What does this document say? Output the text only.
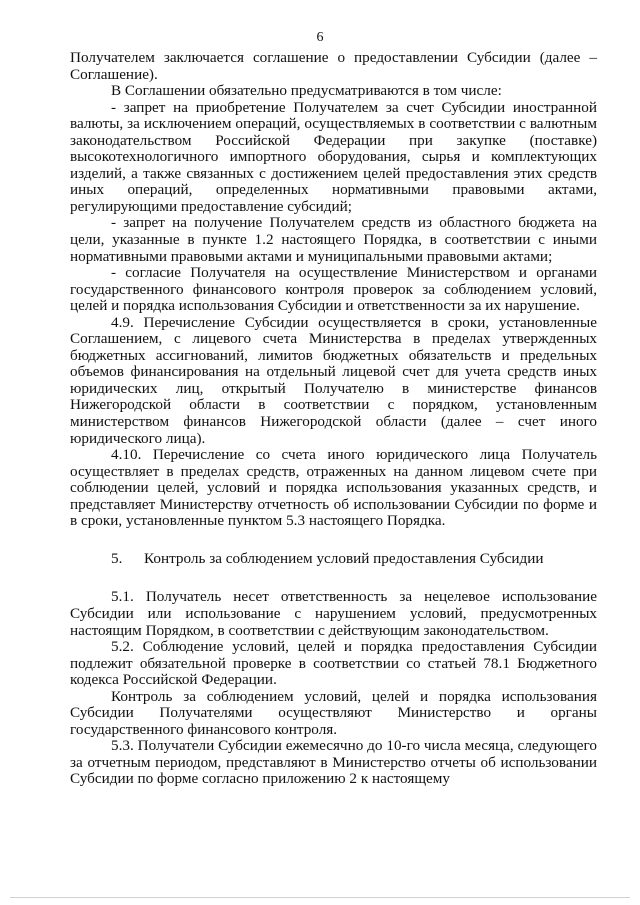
6

Получателем заключается соглашение о предоставлении Субсидии (далее – Соглашение).

В Соглашении обязательно предусматриваются в том числе:

- запрет на приобретение Получателем за счет Субсидии иностранной валюты, за исключением операций, осуществляемых в соответствии с валютным законодательством Российской Федерации при закупке (поставке) высокотехнологичного импортного оборудования, сырья и комплектующих изделий, а также связанных с достижением целей предоставления этих средств иных операций, определенных нормативными правовыми актами, регулирующими предоставление субсидий;

- запрет на получение Получателем средств из областного бюджета на цели, указанные в пункте 1.2 настоящего Порядка, в соответствии с иными нормативными правовыми актами и муниципальными правовыми актами;

- согласие Получателя на осуществление Министерством и органами государственного финансового контроля проверок за соблюдением условий, целей и порядка использования Субсидии и ответственности за их нарушение.

4.9. Перечисление Субсидии осуществляется в сроки, установленные Соглашением, с лицевого счета Министерства в пределах утвержденных бюджетных ассигнований, лимитов бюджетных обязательств и предельных объемов финансирования на отдельный лицевой счет для учета средств иных юридических лиц, открытый Получателю в министерстве финансов Нижегородской области в соответствии с порядком, установленным министерством финансов Нижегородской области (далее – счет иного юридического лица).

4.10. Перечисление со счета иного юридического лица Получатель осуществляет в пределах средств, отраженных на данном лицевом счете при соблюдении целей, условий и порядка использования указанных средств, и представляет Министерству отчетность об использовании Субсидии по форме и в сроки, установленные пунктом 5.3 настоящего Порядка.

5. Контроль за соблюдением условий предоставления Субсидии

5.1. Получатель несет ответственность за нецелевое использование Субсидии или использование с нарушением условий, предусмотренных настоящим Порядком, в соответствии с действующим законодательством.

5.2. Соблюдение условий, целей и порядка предоставления Субсидии подлежит обязательной проверке в соответствии со статьей 78.1 Бюджетного кодекса Российской Федерации.

Контроль за соблюдением условий, целей и порядка использования Субсидии Получателями осуществляют Министерство и органы государственного финансового контроля.

5.3. Получатели Субсидии ежемесячно до 10-го числа месяца, следующего за отчетным периодом, представляют в Министерство отчеты об использовании Субсидии по форме согласно приложению 2 к настоящему
